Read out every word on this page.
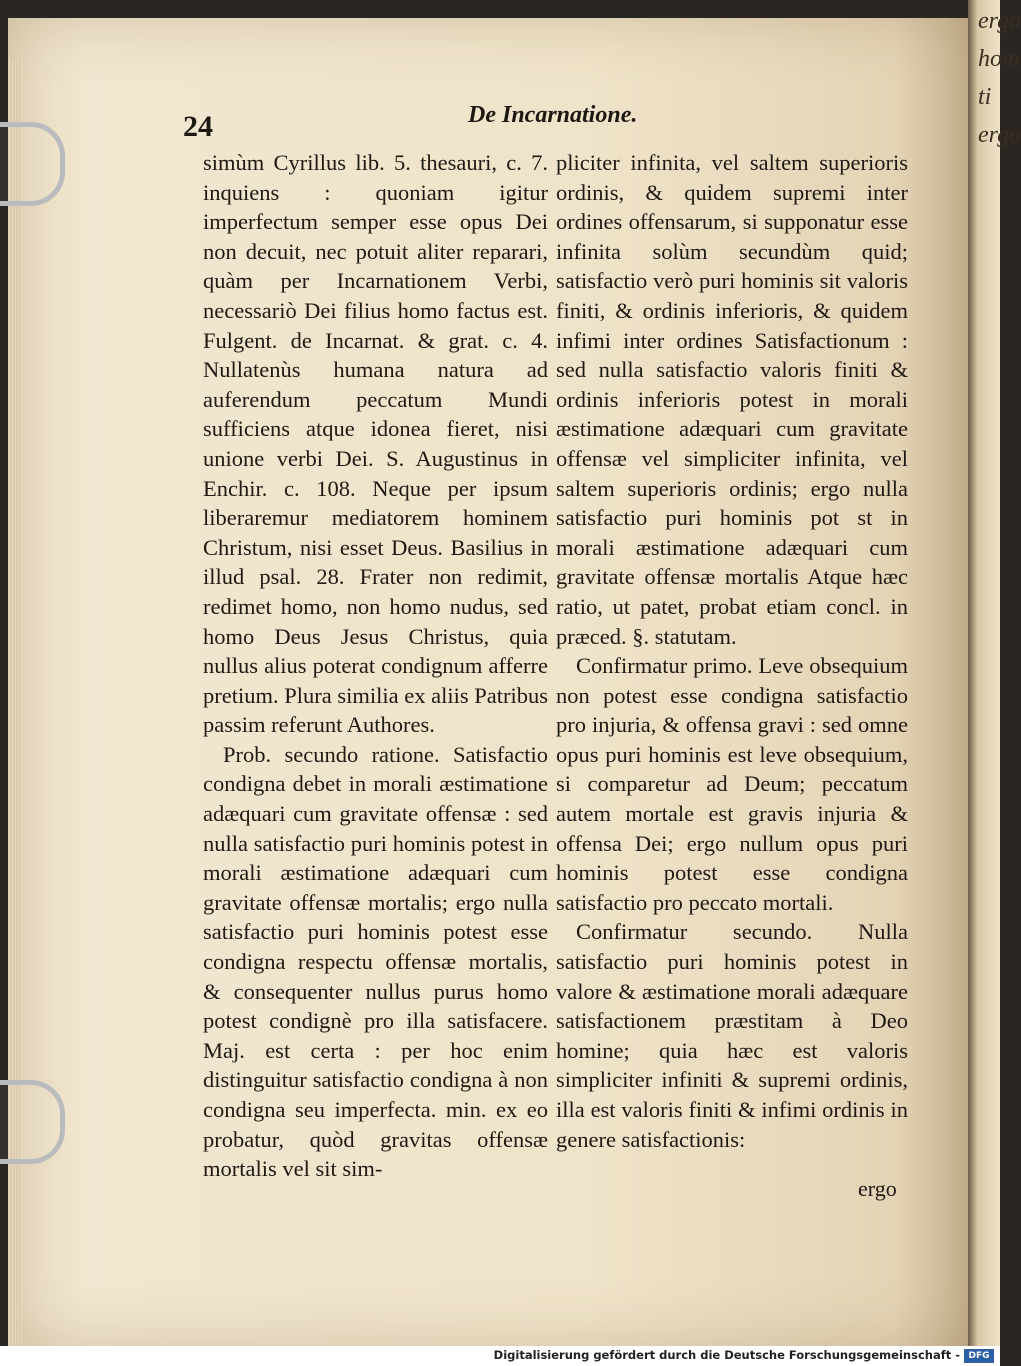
24	De Incarnatione.

simùm Cyrillus lib. 5. thesauri, c. 7. inquiens : quoniam igitur imperfectum semper esse opus Dei non decuit, nec potuit aliter reparari, quàm per Incarnationem Verbi, necessariò Dei filius homo factus est. Fulgent. de Incarnat. & grat. c. 4. Nullatenùs humana natura ad auferendum peccatum Mundi sufficiens atque idonea fieret, nisi unione verbi Dei. S. Augustinus in Enchir. c. 108. Neque per ipsum liberaremur mediatorem hominem Christum, nisi esset Deus. Basilius in illud psal. 28. Frater non redimit, redimet homo, non homo nudus, sed homo Deus Jesus Christus, quia nullus alius poterat condignum afferre pretium. Plura similia ex aliis Patribus passim referunt Authores.

Prob. secundo ratione. Satisfactio condigna debet in morali æstimatione adæquari cum gravitate offensæ : sed nulla satisfactio puri hominis potest in morali æstimatione adæquari cum gravitate offensæ mortalis; ergo nulla satisfactio puri hominis potest esse condigna respectu offensæ mortalis, & consequenter nullus purus homo potest condignè pro illa satisfacere. Maj. est certa : per hoc enim distinguitur satisfactio condigna à non condigna seu imperfecta. min. ex eo probatur, quòd gravitas offensæ mortalis vel sit sim-

pliciter infinita, vel saltem superioris ordinis, & quidem supremi inter ordines offensarum, si supponatur esse infinita solùm secundùm quid; satisfactio verò puri hominis sit valoris finiti, & ordinis inferioris, & quidem infimi inter ordines Satisfactionum : sed nulla satisfactio valoris finiti & ordinis inferioris potest in morali æstimatione adæquari cum gravitate offensæ vel simpliciter infinita, vel saltem superioris ordinis; ergo nulla satisfactio puri hominis pot st in morali æstimatione adæquari cum gravitate offensæ mortalis Atque hæc ratio, ut patet, probat etiam concl. in præced. §. statutam.

Confirmatur primo. Leve obsequium non potest esse condigna satisfactio pro injuria, & offensa gravi : sed omne opus puri hominis est leve obsequium, si comparetur ad Deum; peccatum autem mortale est gravis injuria & offensa Dei; ergo nullum opus puri hominis potest esse condigna satisfactio pro peccato mortali.

Confirmatur secundo. Nulla satisfactio puri hominis potest in valore & æstimatione morali adæquare satisfactionem præstitam à Deo homine; quia hæc est valoris simpliciter infiniti & supremi ordinis, illa est valoris finiti & infimi ordinis in genere satisfactionis:

ergo
ergo
hom
ti
ergo
Digitalisierung gefördert durch die Deutsche Forschungsgemeinschaft - DFG
